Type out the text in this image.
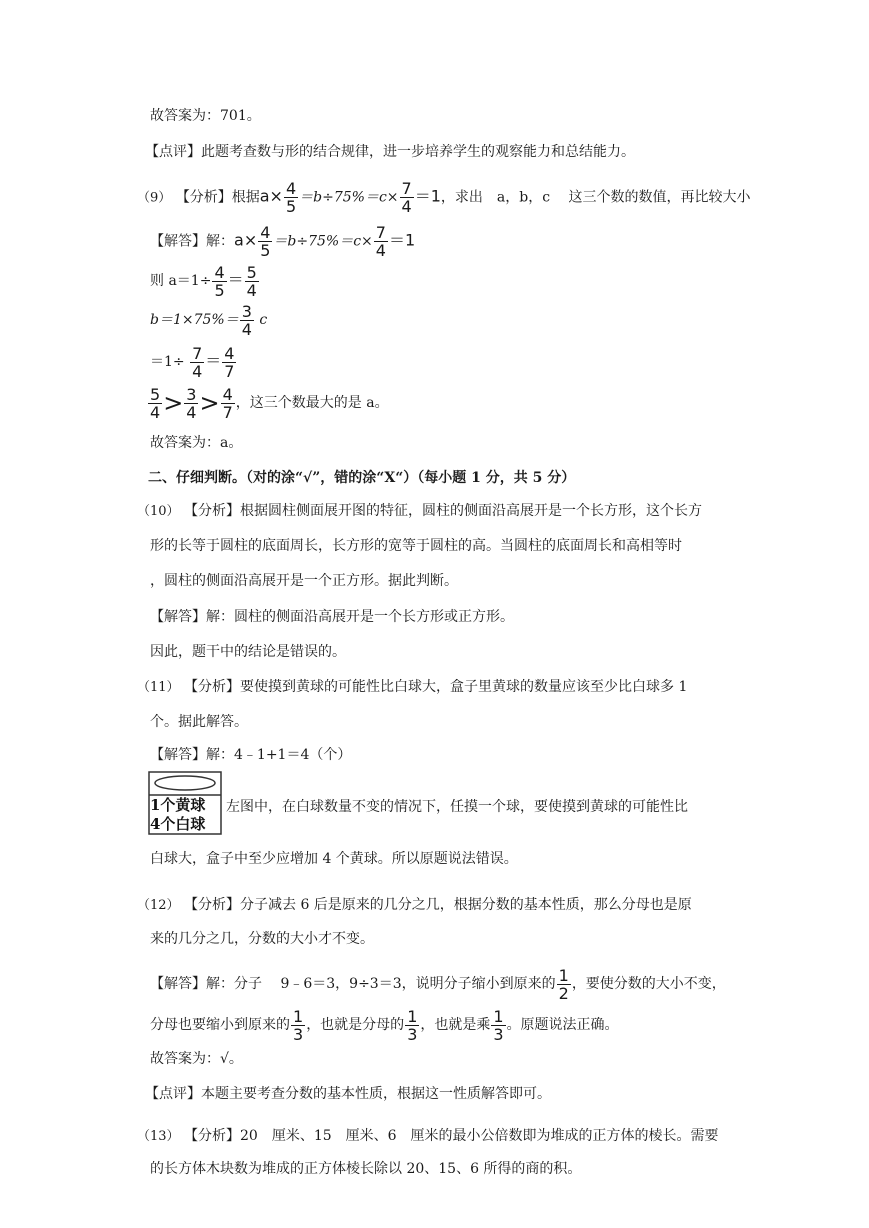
故答案为：701。
【点评】此题考查数与形的结合规律，进一步培养学生的观察能力和总结能力。
（9） 【分析】根据$a\times \frac{4}{5} =b\div 75\%=c\times \frac{7}{4} =1$，求出　a，b，c　 这三个数的数值，再比较大小
【解答】解：$a\times \frac{4}{5} =b\div 75\%=c\times \frac{7}{4} =1$
则 $a=1\div \frac{4}{5} = \frac{5}{4}$
$b=1\times 75\%= \frac{3}{4}$ c
$=1\div \frac{7}{4} = \frac{4}{7}$
$\frac{5}{4} > \frac{3}{4} > \frac{4}{7}$ ，这三个数最大的是 a。
故答案为：a。
二、仔细判断。（对的涂“√”，错的涂“X“）（每小题 1 分，共 5 分）
（10） 【分析】根据圆柱侧面展开图的特征，圆柱的侧面沿高展开是一个长方形，这个长方
形的长等于圆柱的底面周长，长方形的宽等于圆柱的高。当圆柱的底面周长和高相等时
，圆柱的侧面沿高展开是一个正方形。据此判断。
【解答】解：圆柱的侧面沿高展开是一个长方形或正方形。
因此，题干中的结论是错误的。
（11） 【分析】要使摸到黄球的可能性比白球大，盒子里黄球的数量应该至少比白球多 1
个。据此解答。
【解答】解：4﹣1+1＝4（个）
1个黄球
4个白球
左图中，在白球数量不变的情况下，任摸一个球，要使摸到黄球的可能性比
白球大，盒子中至少应增加 4 个黄球。所以原题说法错误。
（12） 【分析】分子减去 6 后是原来的几分之几，根据分数的基本性质，那么分母也是原
来的几分之几，分数的大小才不变。
【解答】解：分子　 9﹣6＝3，9÷3＝3，说明分子缩小到原来的 $\frac{1}{2}$ ，要使分数的大小不变，
分母也要缩小到原来的 $\frac{1}{3}$ ，也就是分母的 $\frac{1}{3}$ ，也就是乘 $\frac{1}{3}$ 。原题说法正确。
故答案为：√。
【点评】本题主要考查分数的基本性质，根据这一性质解答即可。
（13） 【分析】20　厘米、15　厘米、6　厘米的最小公倍数即为堆成的正方体的棱长。需要
的长方体木块数为堆成的正方体棱长除以 20、15、6 所得的商的积。
